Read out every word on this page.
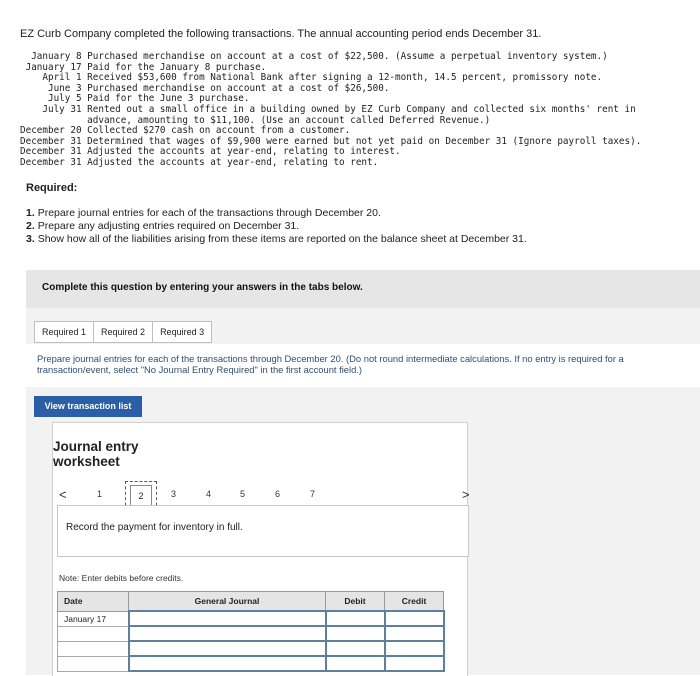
EZ Curb Company completed the following transactions. The annual accounting period ends December 31.
January 8 Purchased merchandise on account at a cost of $22,500. (Assume a perpetual inventory system.)
January 17 Paid for the January 8 purchase.
April 1 Received $53,600 from National Bank after signing a 12-month, 14.5 percent, promissory note.
June 3 Purchased merchandise on account at a cost of $26,500.
July 5 Paid for the June 3 purchase.
July 31 Rented out a small office in a building owned by EZ Curb Company and collected six months' rent in
advance, amounting to $11,100. (Use an account called Deferred Revenue.)
December 20 Collected $270 cash on account from a customer.
December 31 Determined that wages of $9,900 were earned but not yet paid on December 31 (Ignore payroll taxes).
December 31 Adjusted the accounts at year-end, relating to interest.
December 31 Adjusted the accounts at year-end, relating to rent.
Required:
1. Prepare journal entries for each of the transactions through December 20.
2. Prepare any adjusting entries required on December 31.
3. Show how all of the liabilities arising from these items are reported on the balance sheet at December 31.
Complete this question by entering your answers in the tabs below.
Required 1	Required 2	Required 3
Prepare journal entries for each of the transactions through December 20. (Do not round intermediate calculations. If no entry is required for a transaction/event, select "No Journal Entry Required" in the first account field.)
View transaction list
Journal entry
worksheet
<	1	2	3	4	5	6	7	>
Record the payment for inventory in full.
Note: Enter debits before credits.
Date	General Journal	Debit	Credit
January 17			
